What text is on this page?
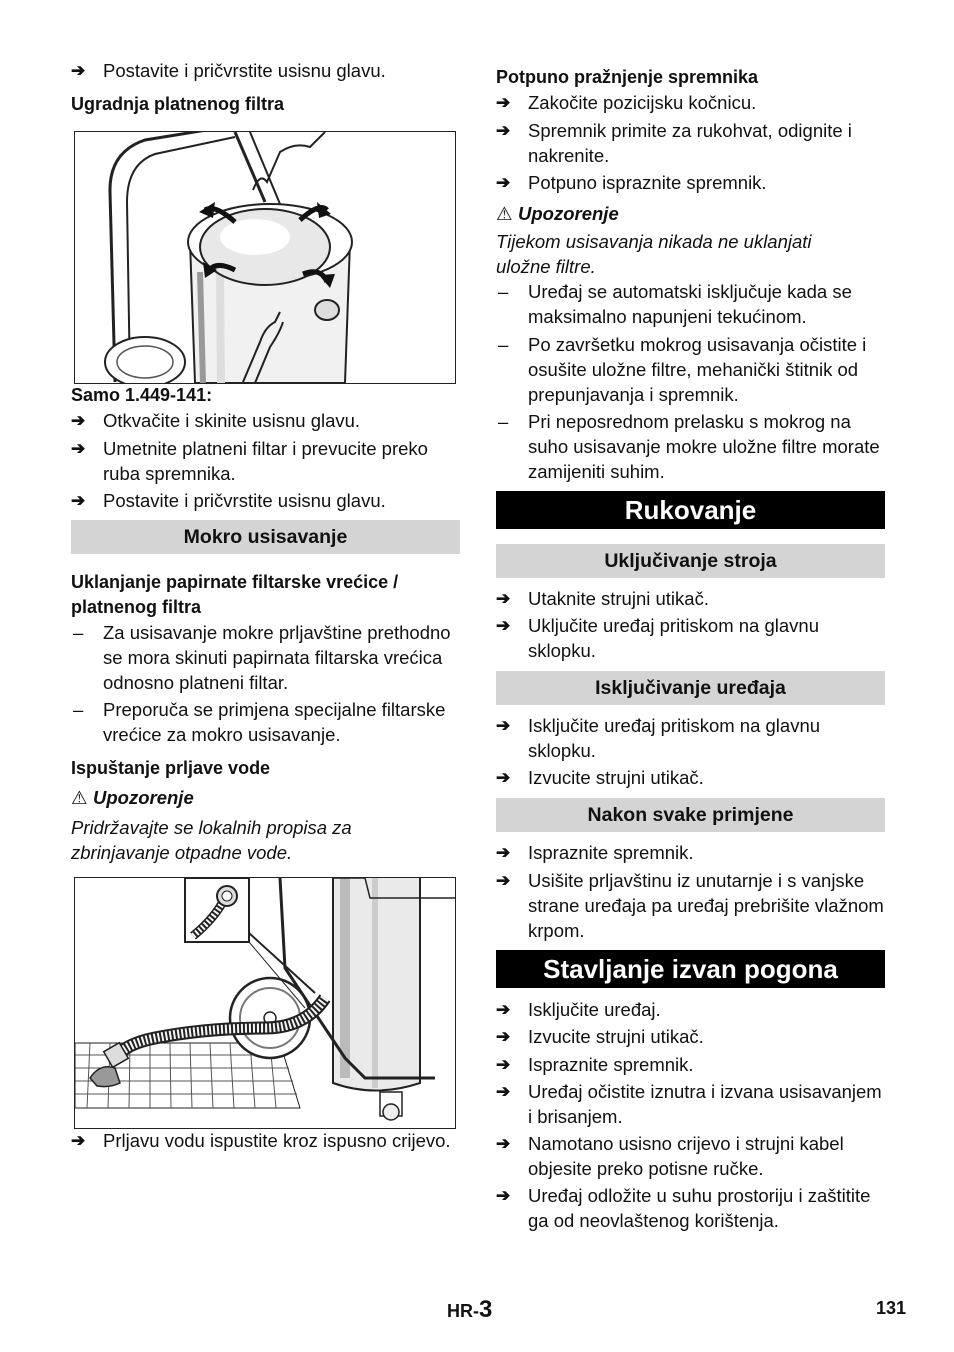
➔ Postavite i pričvrstite usisnu glavu.
Ugradnja platnenog filtra
Samo 1.449-141:
➔ Otkvačite i skinite usisnu glavu.
➔ Umetnite platneni filtar i prevucite preko ruba spremnika.
➔ Postavite i pričvrstite usisnu glavu.
Mokro usisavanje
Uklanjanje papirnate filtarske vrećice / platnenog filtra
–	Za usisavanje mokre prljavštine prethodno se mora skinuti papirnata filtarska vrećica odnosno platneni filtar.
–	Preporuča se primjena specijalne filtarske vrećice za mokro usisavanje.
Ispuštanje prljave vode
⚠ Upozorenje
Pridržavajte se lokalnih propisa za zbrinjavanje otpadne vode.
➔ Prljavu vodu ispustite kroz ispusno crijevo.
Potpuno pražnjenje spremnika
➔ Zakočite pozicijsku kočnicu.
➔ Spremnik primite za rukohvat, odignite i nakrenite.
➔ Potpuno ispraznite spremnik.
⚠ Upozorenje
Tijekom usisavanja nikada ne uklanjati uložne filtre.
–	Uređaj se automatski isključuje kada se maksimalno napunjeni tekućinom.
–	Po završetku mokrog usisavanja očistite i osušite uložne filtre, mehanički štitnik od prepunjavanja i spremnik.
–	Pri neposrednom prelasku s mokrog na suho usisavanje mokre uložne filtre morate zamijeniti suhim.
Rukovanje
Uključivanje stroja
➔ Utaknite strujni utikač.
➔ Uključite uređaj pritiskom na glavnu sklopku.
Isključivanje uređaja
➔ Isključite uređaj pritiskom na glavnu sklopku.
➔ Izvucite strujni utikač.
Nakon svake primjene
➔ Ispraznite spremnik.
➔ Usišite prljavštinu iz unutarnje i s vanjske strane uređaja pa uređaj prebrišite vlažnom krpom.
Stavljanje izvan pogona
➔ Isključite uređaj.
➔ Izvucite strujni utikač.
➔ Ispraznite spremnik.
➔ Uređaj očistite iznutra i izvana usisavanjem i brisanjem.
➔ Namotano usisno crijevo i strujni kabel objesite preko potisne ručke.
➔ Uređaj odložite u suhu prostoriju i zaštitite ga od neovlaštenog korištenja.
HR-3	131
